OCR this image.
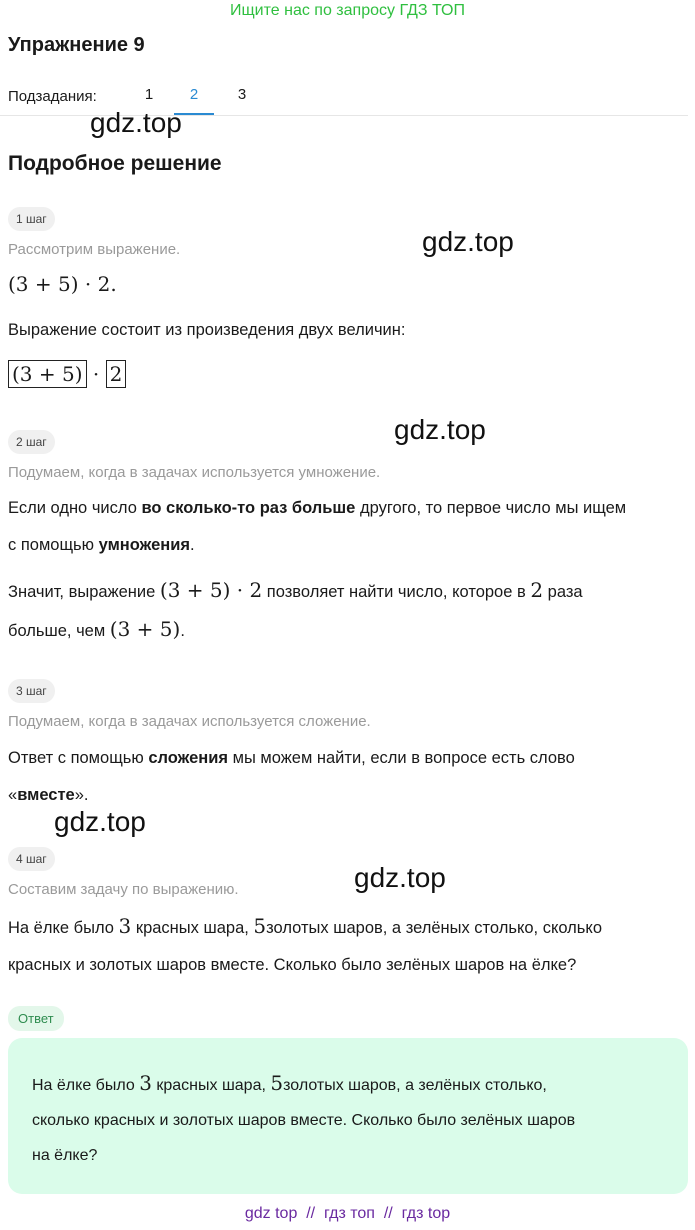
Ищите нас по запросу ГДЗ ТОП
Упражнение 9
Подзадания:	1	2	3
gdz.top
gdz.top
gdz.top
gdz.top
gdz.top
Подробное решение
1 шаг
Рассмотрим выражение.
(3 + 5) · 2.
Выражение состоит из произведения двух величин:
(3 + 5) · 2
2 шаг
Подумаем, когда в задачах используется умножение.
Если одно число во сколько-то раз больше другого, то первое число мы ищем
с помощью умножения.
Значит, выражение (3 + 5) · 2 позволяет найти число, которое в 2 раза
больше, чем (3 + 5).
3 шаг
Подумаем, когда в задачах используется сложение.
Ответ с помощью сложения мы можем найти, если в вопросе есть слово
«вместе».
4 шаг
Составим задачу по выражению.
На ёлке было 3 красных шара, 5золотых шаров, а зелёных столько, сколько
красных и золотых шаров вместе. Сколько было зелёных шаров на ёлке?
Ответ
На ёлке было 3 красных шара, 5золотых шаров, а зелёных столько,
сколько красных и золотых шаров вместе. Сколько было зелёных шаров
на ёлке?
gdz top // гдз топ // гдз top
